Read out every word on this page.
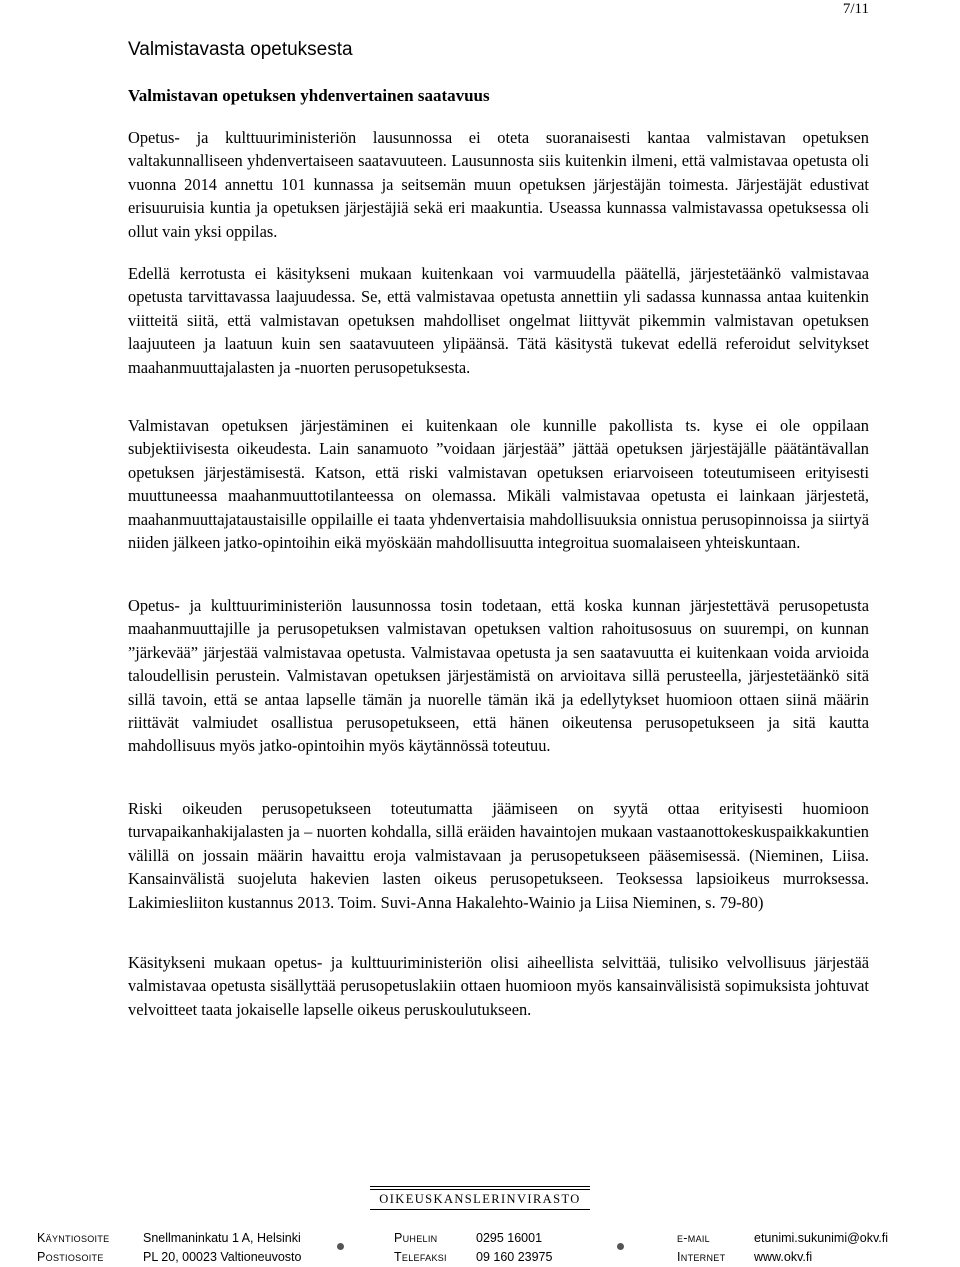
7/11
Valmistavasta opetuksesta
Valmistavan opetuksen yhdenvertainen saatavuus

Opetus- ja kulttuuriministeriön lausunnossa ei oteta suoranaisesti kantaa valmistavan opetuksen valtakunnalliseen yhdenvertaiseen saatavuuteen. Lausunnosta siis kuitenkin ilmeni, että valmistavaa opetusta oli vuonna 2014 annettu 101 kunnassa ja seitsemän muun opetuksen järjestäjän toimesta. Järjestäjät edustivat erisuuruisia kuntia ja opetuksen järjestäjiä sekä eri maakuntia. Useassa kunnassa valmistavassa opetuksessa oli ollut vain yksi oppilas.

Edellä kerrotusta ei käsitykseni mukaan kuitenkaan voi varmuudella päätellä, järjestetäänkö valmistavaa opetusta tarvittavassa laajuudessa. Se, että valmistavaa opetusta annettiin yli sadassa kunnassa antaa kuitenkin viitteitä siitä, että valmistavan opetuksen mahdolliset ongelmat liittyvät pikemmin valmistavan opetuksen laajuuteen ja laatuun kuin sen saatavuuteen ylipäänsä. Tätä käsitystä tukevat edellä referoidut selvitykset maahanmuuttajalasten ja -nuorten perusopetuksesta.

Valmistavan opetuksen järjestäminen ei kuitenkaan ole kunnille pakollista ts. kyse ei ole oppilaan subjektiivisesta oikeudesta. Lain sanamuoto ”voidaan järjestää” jättää opetuksen järjestäjälle päätäntävallan opetuksen järjestämisestä. Katson, että riski valmistavan opetuksen eriarvoiseen toteutumiseen erityisesti muuttuneessa maahanmuuttotilanteessa on olemassa. Mikäli valmistavaa opetusta ei lainkaan järjestetä, maahanmuuttajataustaisille oppilaille ei taata yhdenvertaisia mahdollisuuksia onnistua perusopinnoissa ja siirtyä niiden jälkeen jatko-opintoihin eikä myöskään mahdollisuutta integroitua suomalaiseen yhteiskuntaan.

Opetus- ja kulttuuriministeriön lausunnossa tosin todetaan, että koska kunnan järjestettävä perusopetusta maahanmuuttajille ja perusopetuksen valmistavan opetuksen valtion rahoitusosuus on suurempi, on kunnan ”järkevää” järjestää valmistavaa opetusta. Valmistavaa opetusta ja sen saatavuutta ei kuitenkaan voida arvioida taloudellisin perustein. Valmistavan opetuksen järjestämistä on arvioitava sillä perusteella, järjestetäänkö sitä sillä tavoin, että se antaa lapselle tämän ja nuorelle tämän ikä ja edellytykset huomioon ottaen siinä määrin riittävät valmiudet osallistua perusopetukseen, että hänen oikeutensa perusopetukseen ja sitä kautta mahdollisuus myös jatko-opintoihin myös käytännössä toteutuu.

Riski oikeuden perusopetukseen toteutumatta jäämiseen on syytä ottaa erityisesti huomioon turvapaikanhakijalasten ja – nuorten kohdalla, sillä eräiden havaintojen mukaan vastaanottokeskuspaikkakuntien välillä on jossain määrin havaittu eroja valmistavaan ja perusopetukseen pääsemisessä. (Nieminen, Liisa. Kansainvälistä suojeluta hakevien lasten oikeus perusopetukseen. Teoksessa lapsioikeus murroksessa. Lakimiesliiton kustannus 2013. Toim. Suvi-Anna Hakalehto-Wainio ja Liisa Nieminen, s. 79-80)

Käsitykseni mukaan opetus- ja kulttuuriministeriön olisi aiheellista selvittää, tulisiko velvollisuus järjestää valmistavaa opetusta sisällyttää perusopetuslakiin ottaen huomioon myös kansainvälisistä sopimuksista johtuvat velvoitteet taata jokaiselle lapselle oikeus peruskoulutukseen.

OIKEUSKANSLERINVIRASTO
Käyntiosoite
Postiosoite
Snellmaninkatu 1 A, Helsinki
PL 20, 00023 Valtioneuvosto
Puhelin
Telefaksi
0295 16001
09 160 23975
e-mail
Internet
etunimi.sukunimi@okv.fi
www.okv.fi
